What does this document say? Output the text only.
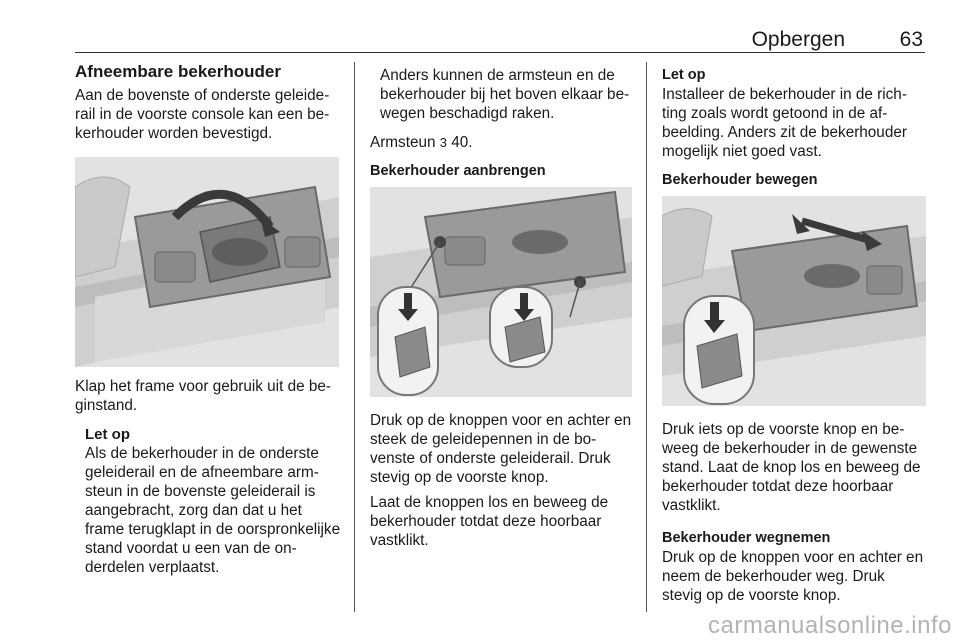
Opbergen	63
Afneembare bekerhouder

Aan de bovenste of onderste geleiderail in de voorste console kan een bekerhouder worden bevestigd.

Klap het frame voor gebruik uit de beginstand.

Let op

Als de bekerhouder in de onderste geleiderail en de afneembare armsteun in de bovenste geleiderail is aangebracht, zorg dan dat u het frame terugklapt in de oorspronkelijke stand voordat u een van de onderdelen verplaatst.

Anders kunnen de armsteun en de bekerhouder bij het boven elkaar bewegen beschadigd raken.

Armsteun 3 40.

Bekerhouder aanbrengen

Druk op de knoppen voor en achter en steek de geleidepennen in de bovenste of onderste geleiderail. Druk stevig op de voorste knop.

Laat de knoppen los en beweeg de bekerhouder totdat deze hoorbaar vastklikt.

Let op

Installeer de bekerhouder in de richting zoals wordt getoond in de afbeelding. Anders zit de bekerhouder mogelijk niet goed vast.

Bekerhouder bewegen

Druk iets op de voorste knop en beweeg de bekerhouder in de gewenste stand. Laat de knop los en beweeg de bekerhouder totdat deze hoorbaar vastklikt.

Bekerhouder wegnemen

Druk op de knoppen voor en achter en neem de bekerhouder weg. Druk stevig op de voorste knop.

carmanualsonline.info
